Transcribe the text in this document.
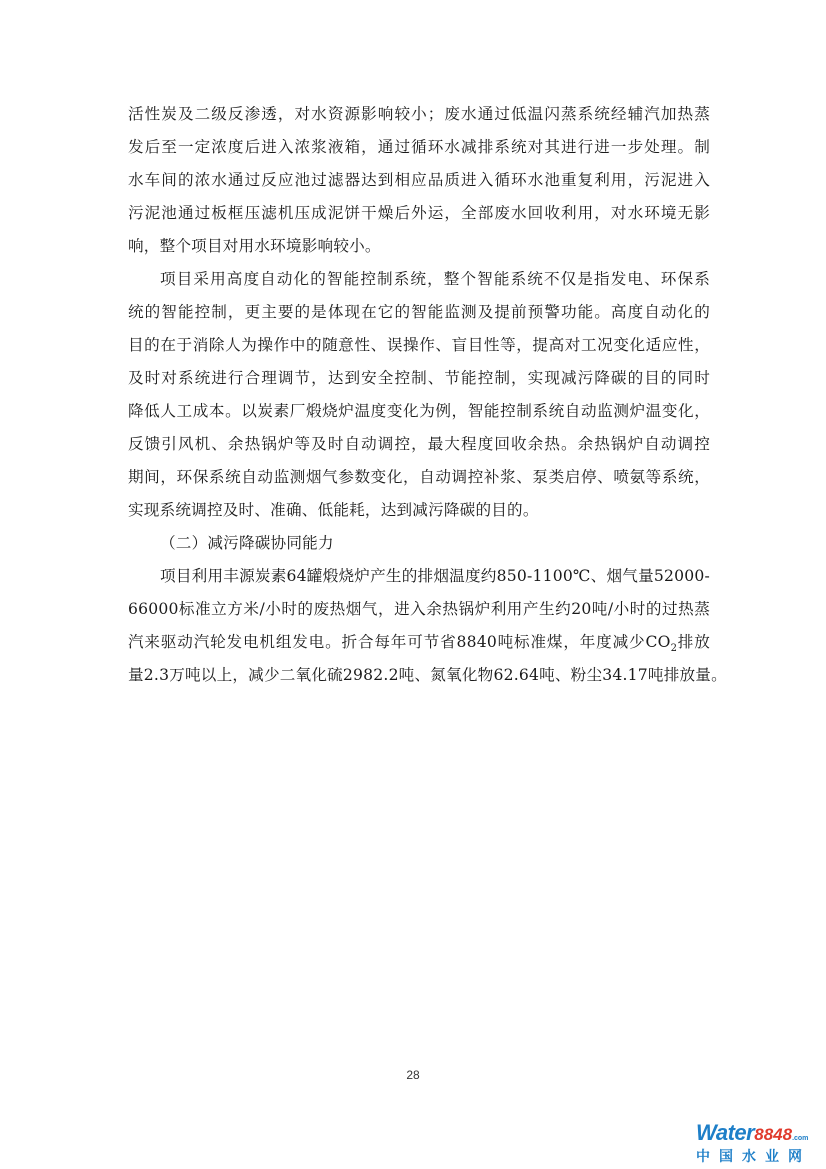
活性炭及二级反渗透，对水资源影响较小；废水通过低温闪蒸系统经辅汽加热蒸
发后至一定浓度后进入浓浆液箱，通过循环水减排系统对其进行进一步处理。制
水车间的浓水通过反应池过滤器达到相应品质进入循环水池重复利用，污泥进入
污泥池通过板框压滤机压成泥饼干燥后外运，全部废水回收利用，对水环境无影
响，整个项目对用水环境影响较小。
项目采用高度自动化的智能控制系统，整个智能系统不仅是指发电、环保系
统的智能控制，更主要的是体现在它的智能监测及提前预警功能。高度自动化的
目的在于消除人为操作中的随意性、误操作、盲目性等，提高对工况变化适应性，
及时对系统进行合理调节，达到安全控制、节能控制，实现减污降碳的目的同时
降低人工成本。以炭素厂煅烧炉温度变化为例，智能控制系统自动监测炉温变化，
反馈引风机、余热锅炉等及时自动调控，最大程度回收余热。余热锅炉自动调控
期间，环保系统自动监测烟气参数变化，自动调控补浆、泵类启停、喷氨等系统，
实现系统调控及时、准确、低能耗，达到减污降碳的目的。
（二）减污降碳协同能力
项目利用丰源炭素64罐煅烧炉产生的排烟温度约850-1100℃、烟气量52000-
66000标准立方米/小时的废热烟气，进入余热锅炉利用产生约20吨/小时的过热蒸
汽来驱动汽轮发电机组发电。折合每年可节省8840吨标准煤，年度减少$CO_2$排放
量2.3万吨以上，减少二氧化硫2982.2吨、氮氧化物62.64吨、粉尘34.17吨排放量。
28
Water8848.com
中国水业网
